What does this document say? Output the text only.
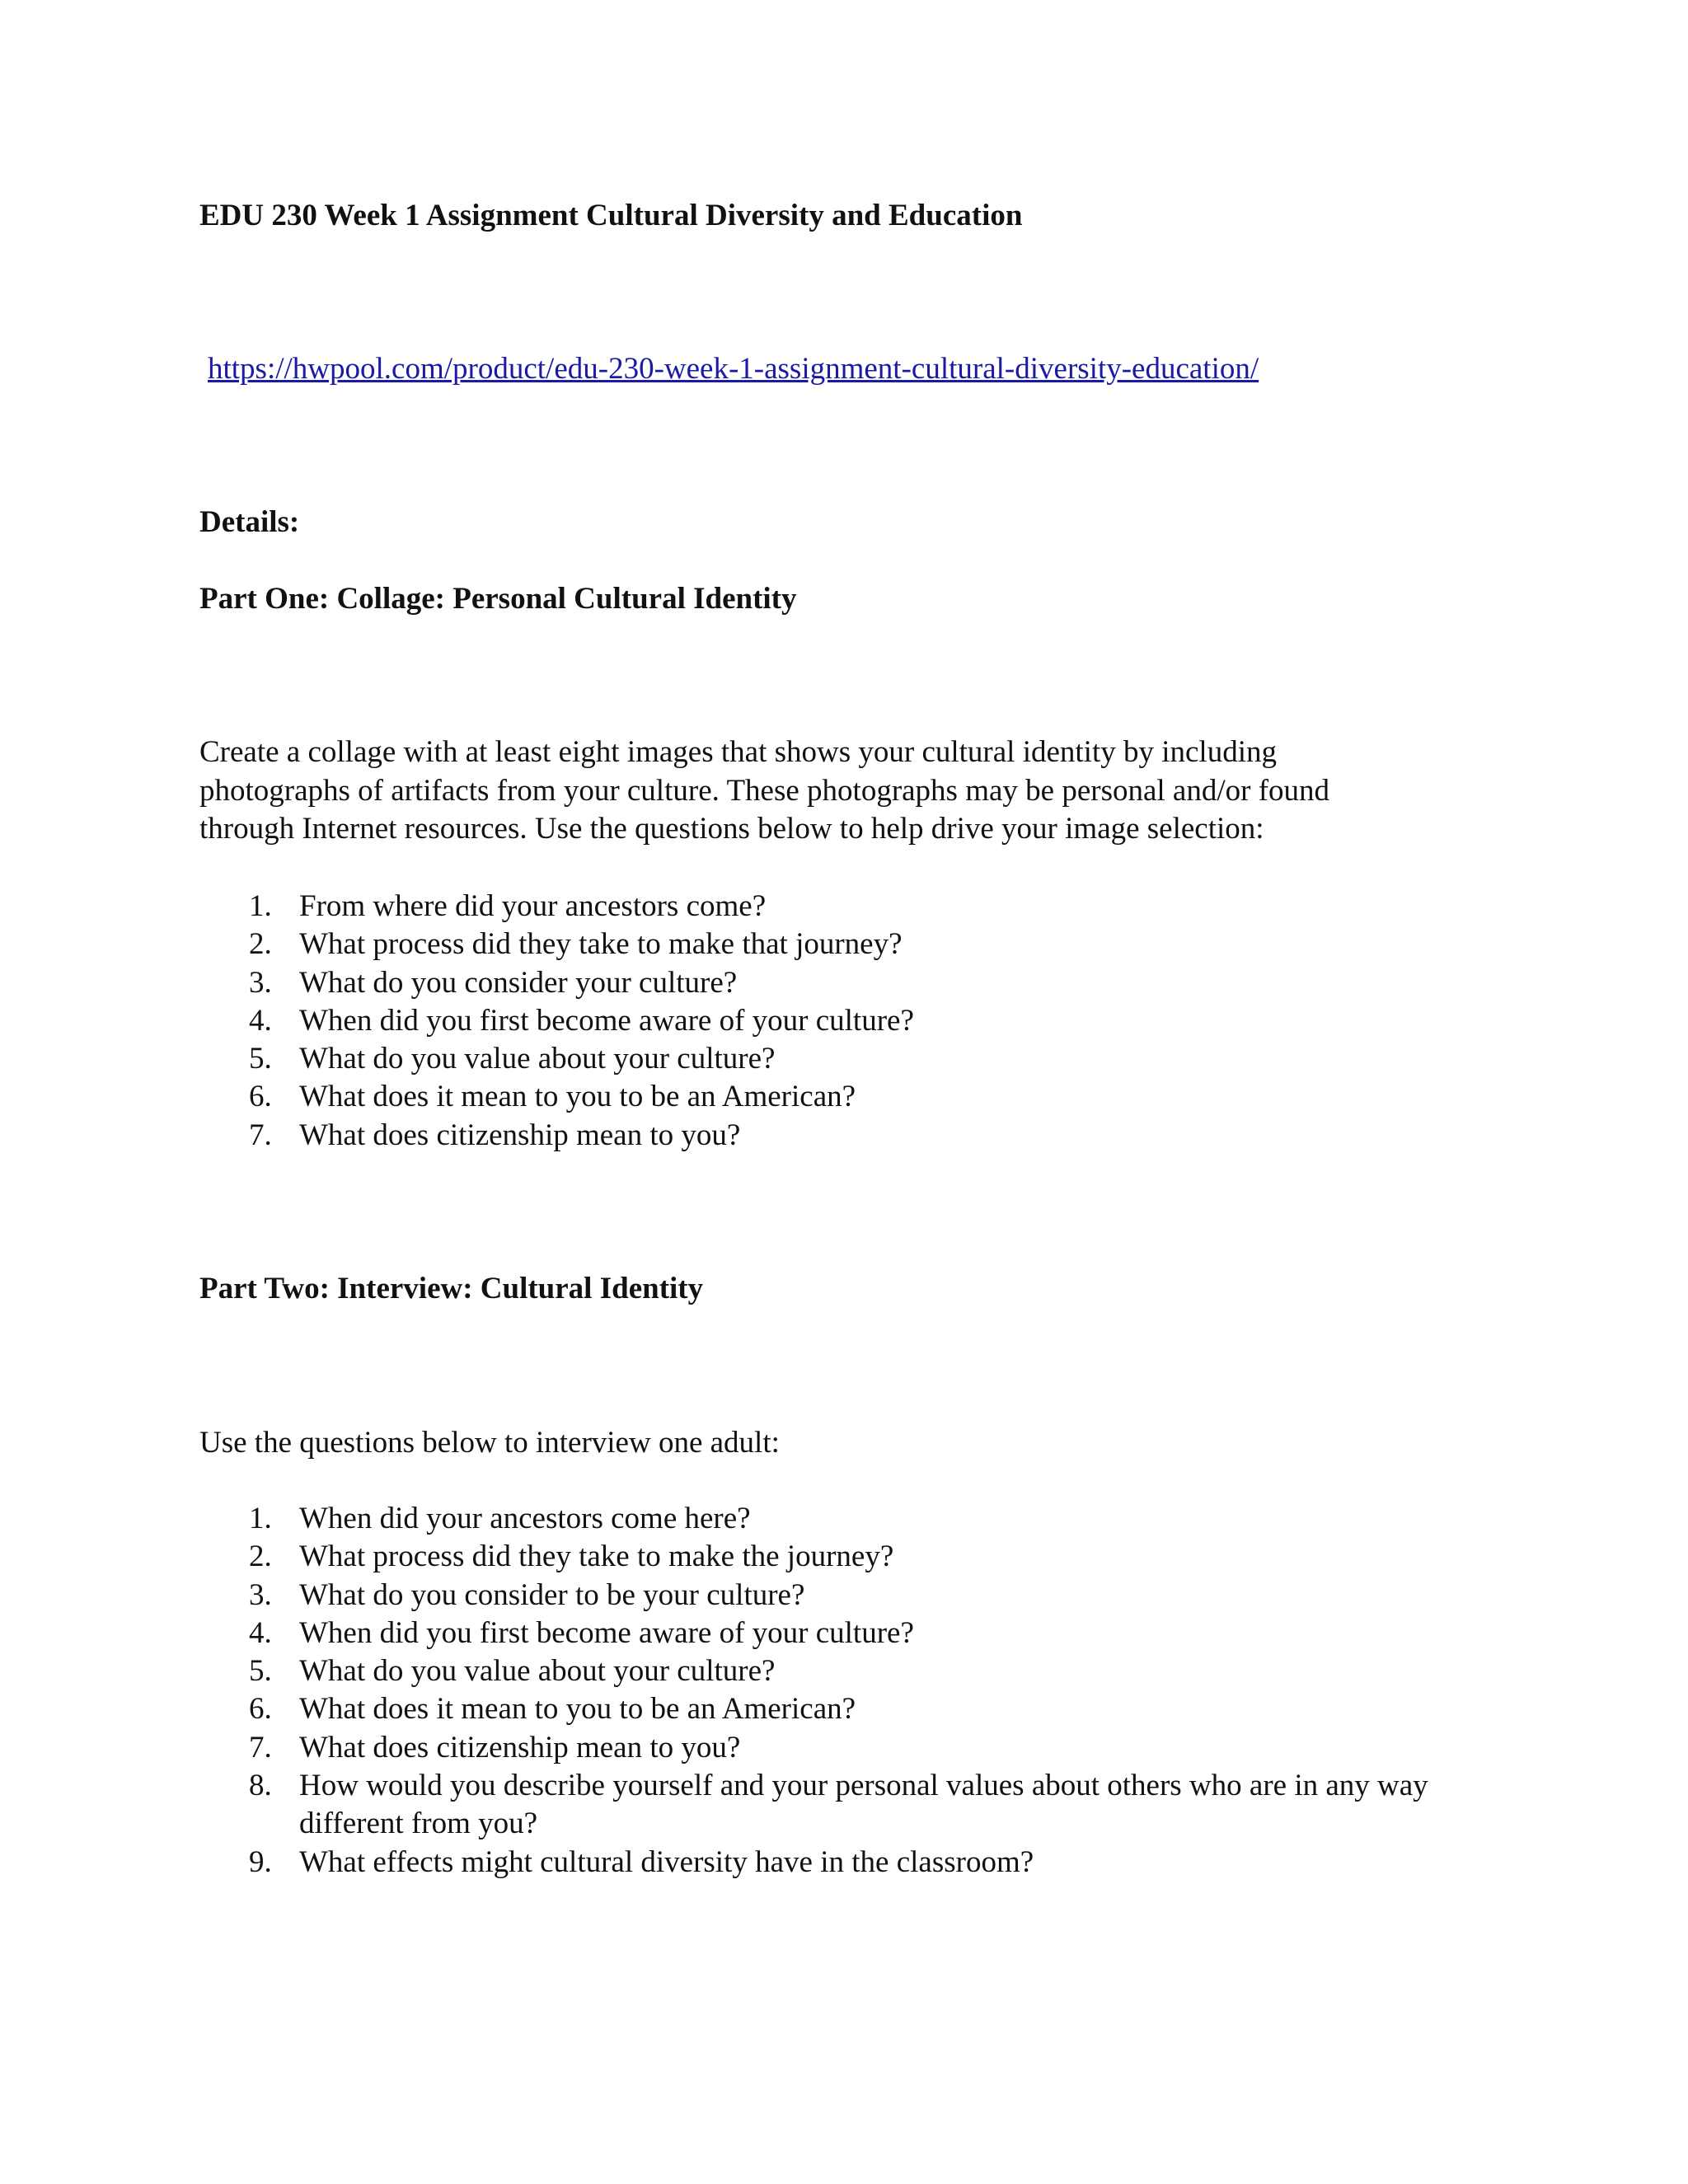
EDU 230 Week 1 Assignment Cultural Diversity and Education
https://hwpool.com/product/edu-230-week-1-assignment-cultural-diversity-education/
Details:
Part One: Collage: Personal Cultural Identity
Create a collage with at least eight images that shows your cultural identity by including
photographs of artifacts from your culture. These photographs may be personal and/or found
through Internet resources. Use the questions below to help drive your image selection:
1. From where did your ancestors come?
2. What process did they take to make that journey?
3. What do you consider your culture?
4. When did you first become aware of your culture?
5. What do you value about your culture?
6. What does it mean to you to be an American?
7. What does citizenship mean to you?
Part Two: Interview: Cultural Identity
Use the questions below to interview one adult:
1. When did your ancestors come here?
2. What process did they take to make the journey?
3. What do you consider to be your culture?
4. When did you first become aware of your culture?
5. What do you value about your culture?
6. What does it mean to you to be an American?
7. What does citizenship mean to you?
8. How would you describe yourself and your personal values about others who are in any way different from you?
9. What effects might cultural diversity have in the classroom?
